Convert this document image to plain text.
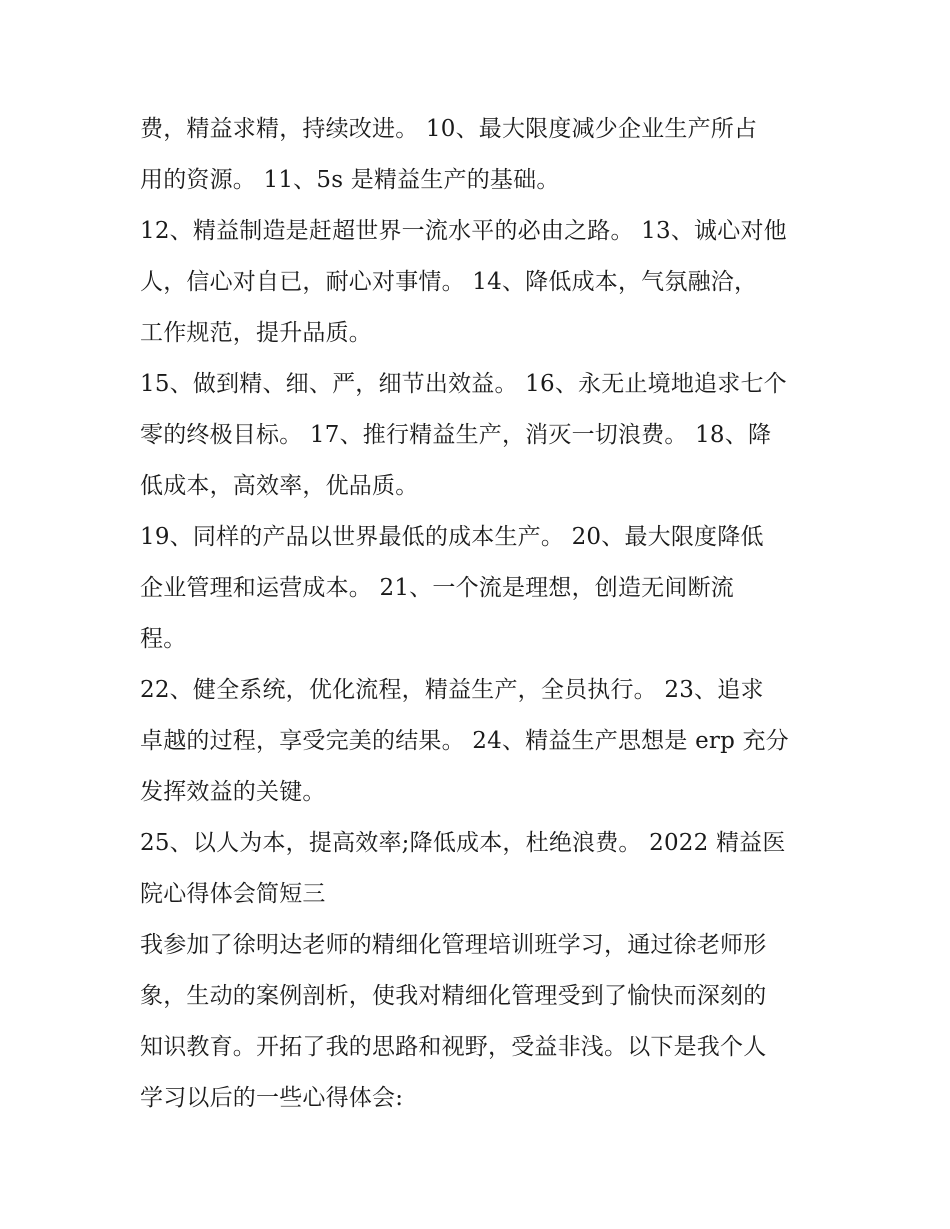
费，精益求精，持续改进。 10、最大限度减少企业生产所占
用的资源。 11、5s 是精益生产的基础。
12、精益制造是赶超世界一流水平的必由之路。 13、诚心对他
人，信心对自已，耐心对事情。 14、降低成本，气氛融洽，
工作规范，提升品质。
15、做到精、细、严，细节出效益。 16、永无止境地追求七个
零的终极目标。 17、推行精益生产，消灭一切浪费。 18、降
低成本，高效率，优品质。
19、同样的产品以世界最低的成本生产。 20、最大限度降低
企业管理和运营成本。 21、一个流是理想，创造无间断流
程。
22、健全系统，优化流程，精益生产，全员执行。 23、追求
卓越的过程，享受完美的结果。 24、精益生产思想是 erp 充分
发挥效益的关键。
25、以人为本，提高效率;降低成本，杜绝浪费。 2022 精益医
院心得体会简短三
我参加了徐明达老师的精细化管理培训班学习，通过徐老师形
象，生动的案例剖析，使我对精细化管理受到了愉快而深刻的
知识教育。开拓了我的思路和视野，受益非浅。以下是我个人
学习以后的一些心得体会:
